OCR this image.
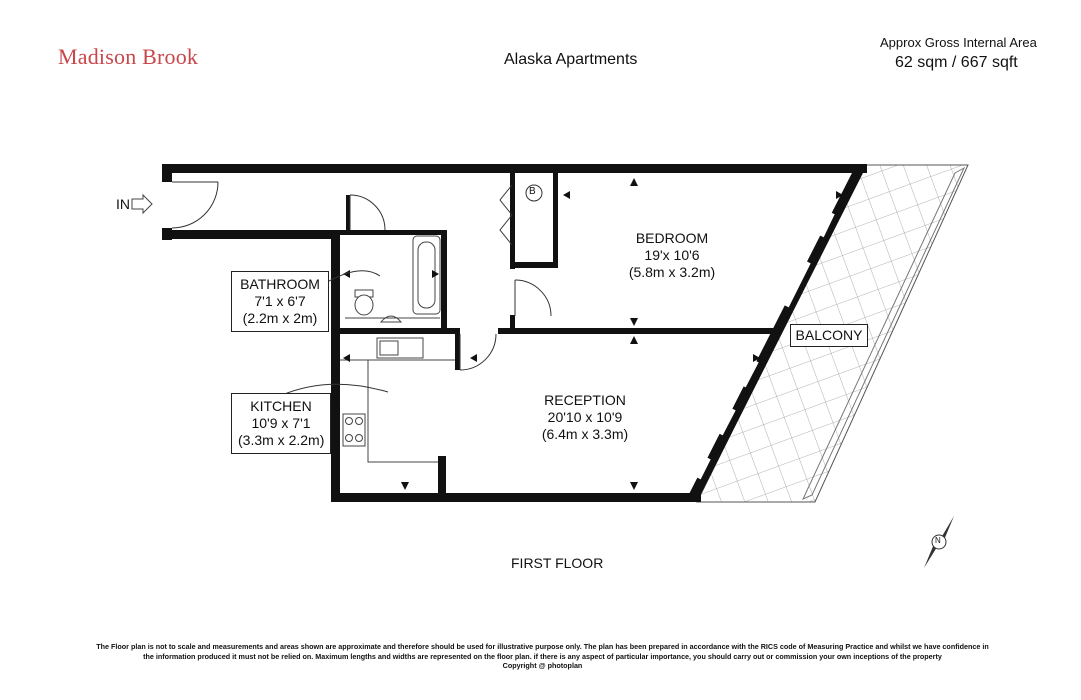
Madison Brook	Alaska Apartments
Approx Gross Internal Area
62 sqm / 667 sqft
BEDROOM
19'x 10'6
(5.8m x 3.2m)
RECEPTION
20'10 x 10'9
(6.4m x 3.3m)
BATHROOM
7'1 x 6'7
(2.2m x 2m)
KITCHEN
10'9 x 7'1
(3.3m x 2.2m)
BALCONY
B
IN
N
FIRST FLOOR
The Floor plan is not to scale and measurements and areas shown are approximate and therefore should be used for illustrative purpose only. The plan has been prepared in accordance with the RICS code of Measuring Practice and whilst we have confidence in the information produced it must not be relied on. Maximum lengths and widths are represented on the floor plan. if there is any aspect of particular importance, you should carry out or commission your own inceptions of the property
Copyright @ photoplan
